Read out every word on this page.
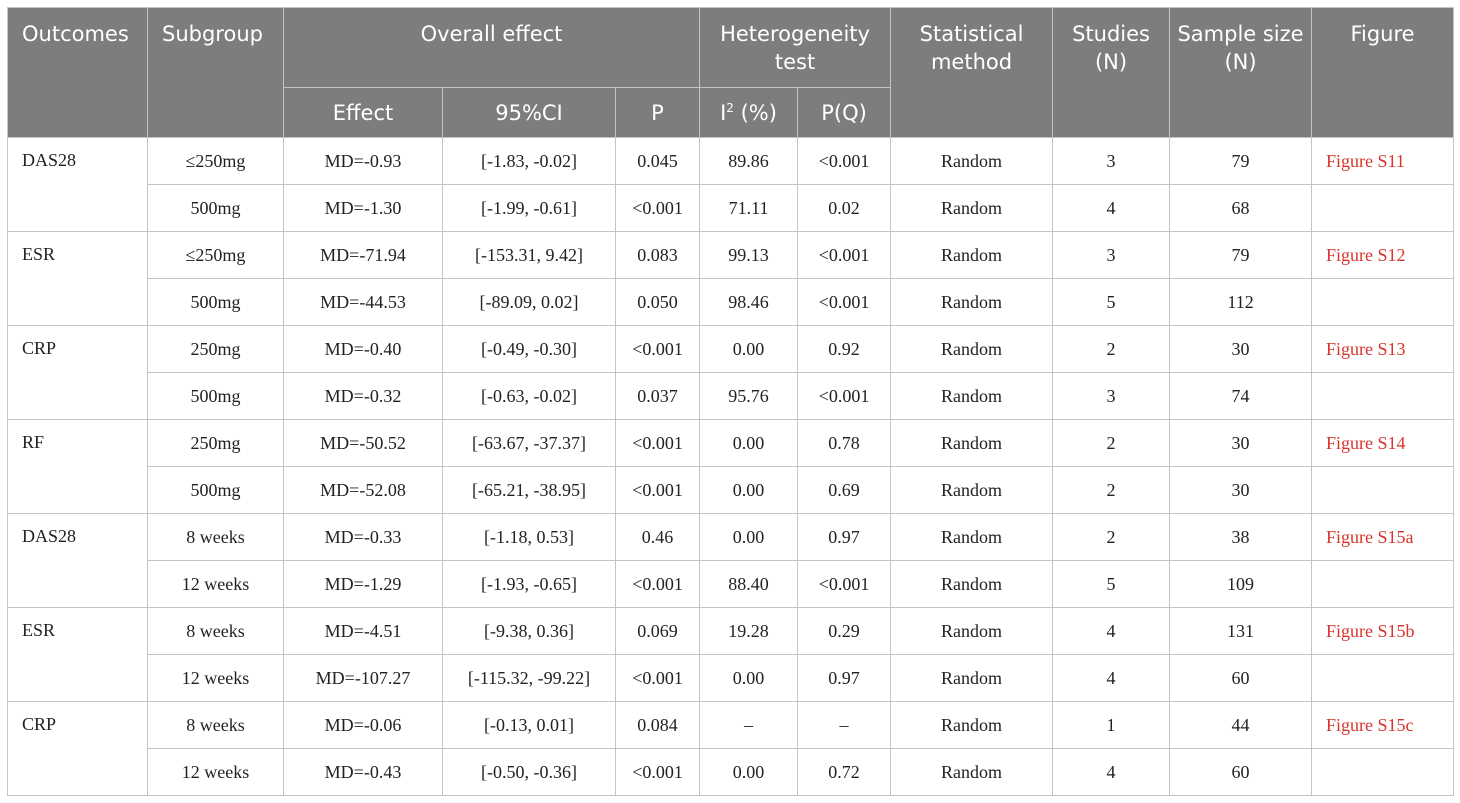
Outcomes	Subgroup	Overall effect			Heterogeneity test		Statistical method	Studies (N)	Sample size (N)	Figure
		Effect	95%CI	P	$I^2$ (%)	P(Q)				
DAS28	≤250mg	MD=-0.93	[-1.83, -0.02]	0.045	89.86	<0.001	Random	3	79	Figure S11
	500mg	MD=-1.30	[-1.99, -0.61]	<0.001	71.11	0.02	Random	4	68	
ESR	≤250mg	MD=-71.94	[-153.31, 9.42]	0.083	99.13	<0.001	Random	3	79	Figure S12
	500mg	MD=-44.53	[-89.09, 0.02]	0.050	98.46	<0.001	Random	5	112	
CRP	250mg	MD=-0.40	[-0.49, -0.30]	<0.001	0.00	0.92	Random	2	30	Figure S13
	500mg	MD=-0.32	[-0.63, -0.02]	0.037	95.76	<0.001	Random	3	74	
RF	250mg	MD=-50.52	[-63.67, -37.37]	<0.001	0.00	0.78	Random	2	30	Figure S14
	500mg	MD=-52.08	[-65.21, -38.95]	<0.001	0.00	0.69	Random	2	30	
DAS28	8 weeks	MD=-0.33	[-1.18, 0.53]	0.46	0.00	0.97	Random	2	38	Figure S15a
	12 weeks	MD=-1.29	[-1.93, -0.65]	<0.001	88.40	<0.001	Random	5	109	
ESR	8 weeks	MD=-4.51	[-9.38, 0.36]	0.069	19.28	0.29	Random	4	131	Figure S15b
	12 weeks	MD=-107.27	[-115.32, -99.22]	<0.001	0.00	0.97	Random	4	60	
CRP	8 weeks	MD=-0.06	[-0.13, 0.01]	0.084	–	–	Random	1	44	Figure S15c
	12 weeks	MD=-0.43	[-0.50, -0.36]	<0.001	0.00	0.72	Random	4	60	
